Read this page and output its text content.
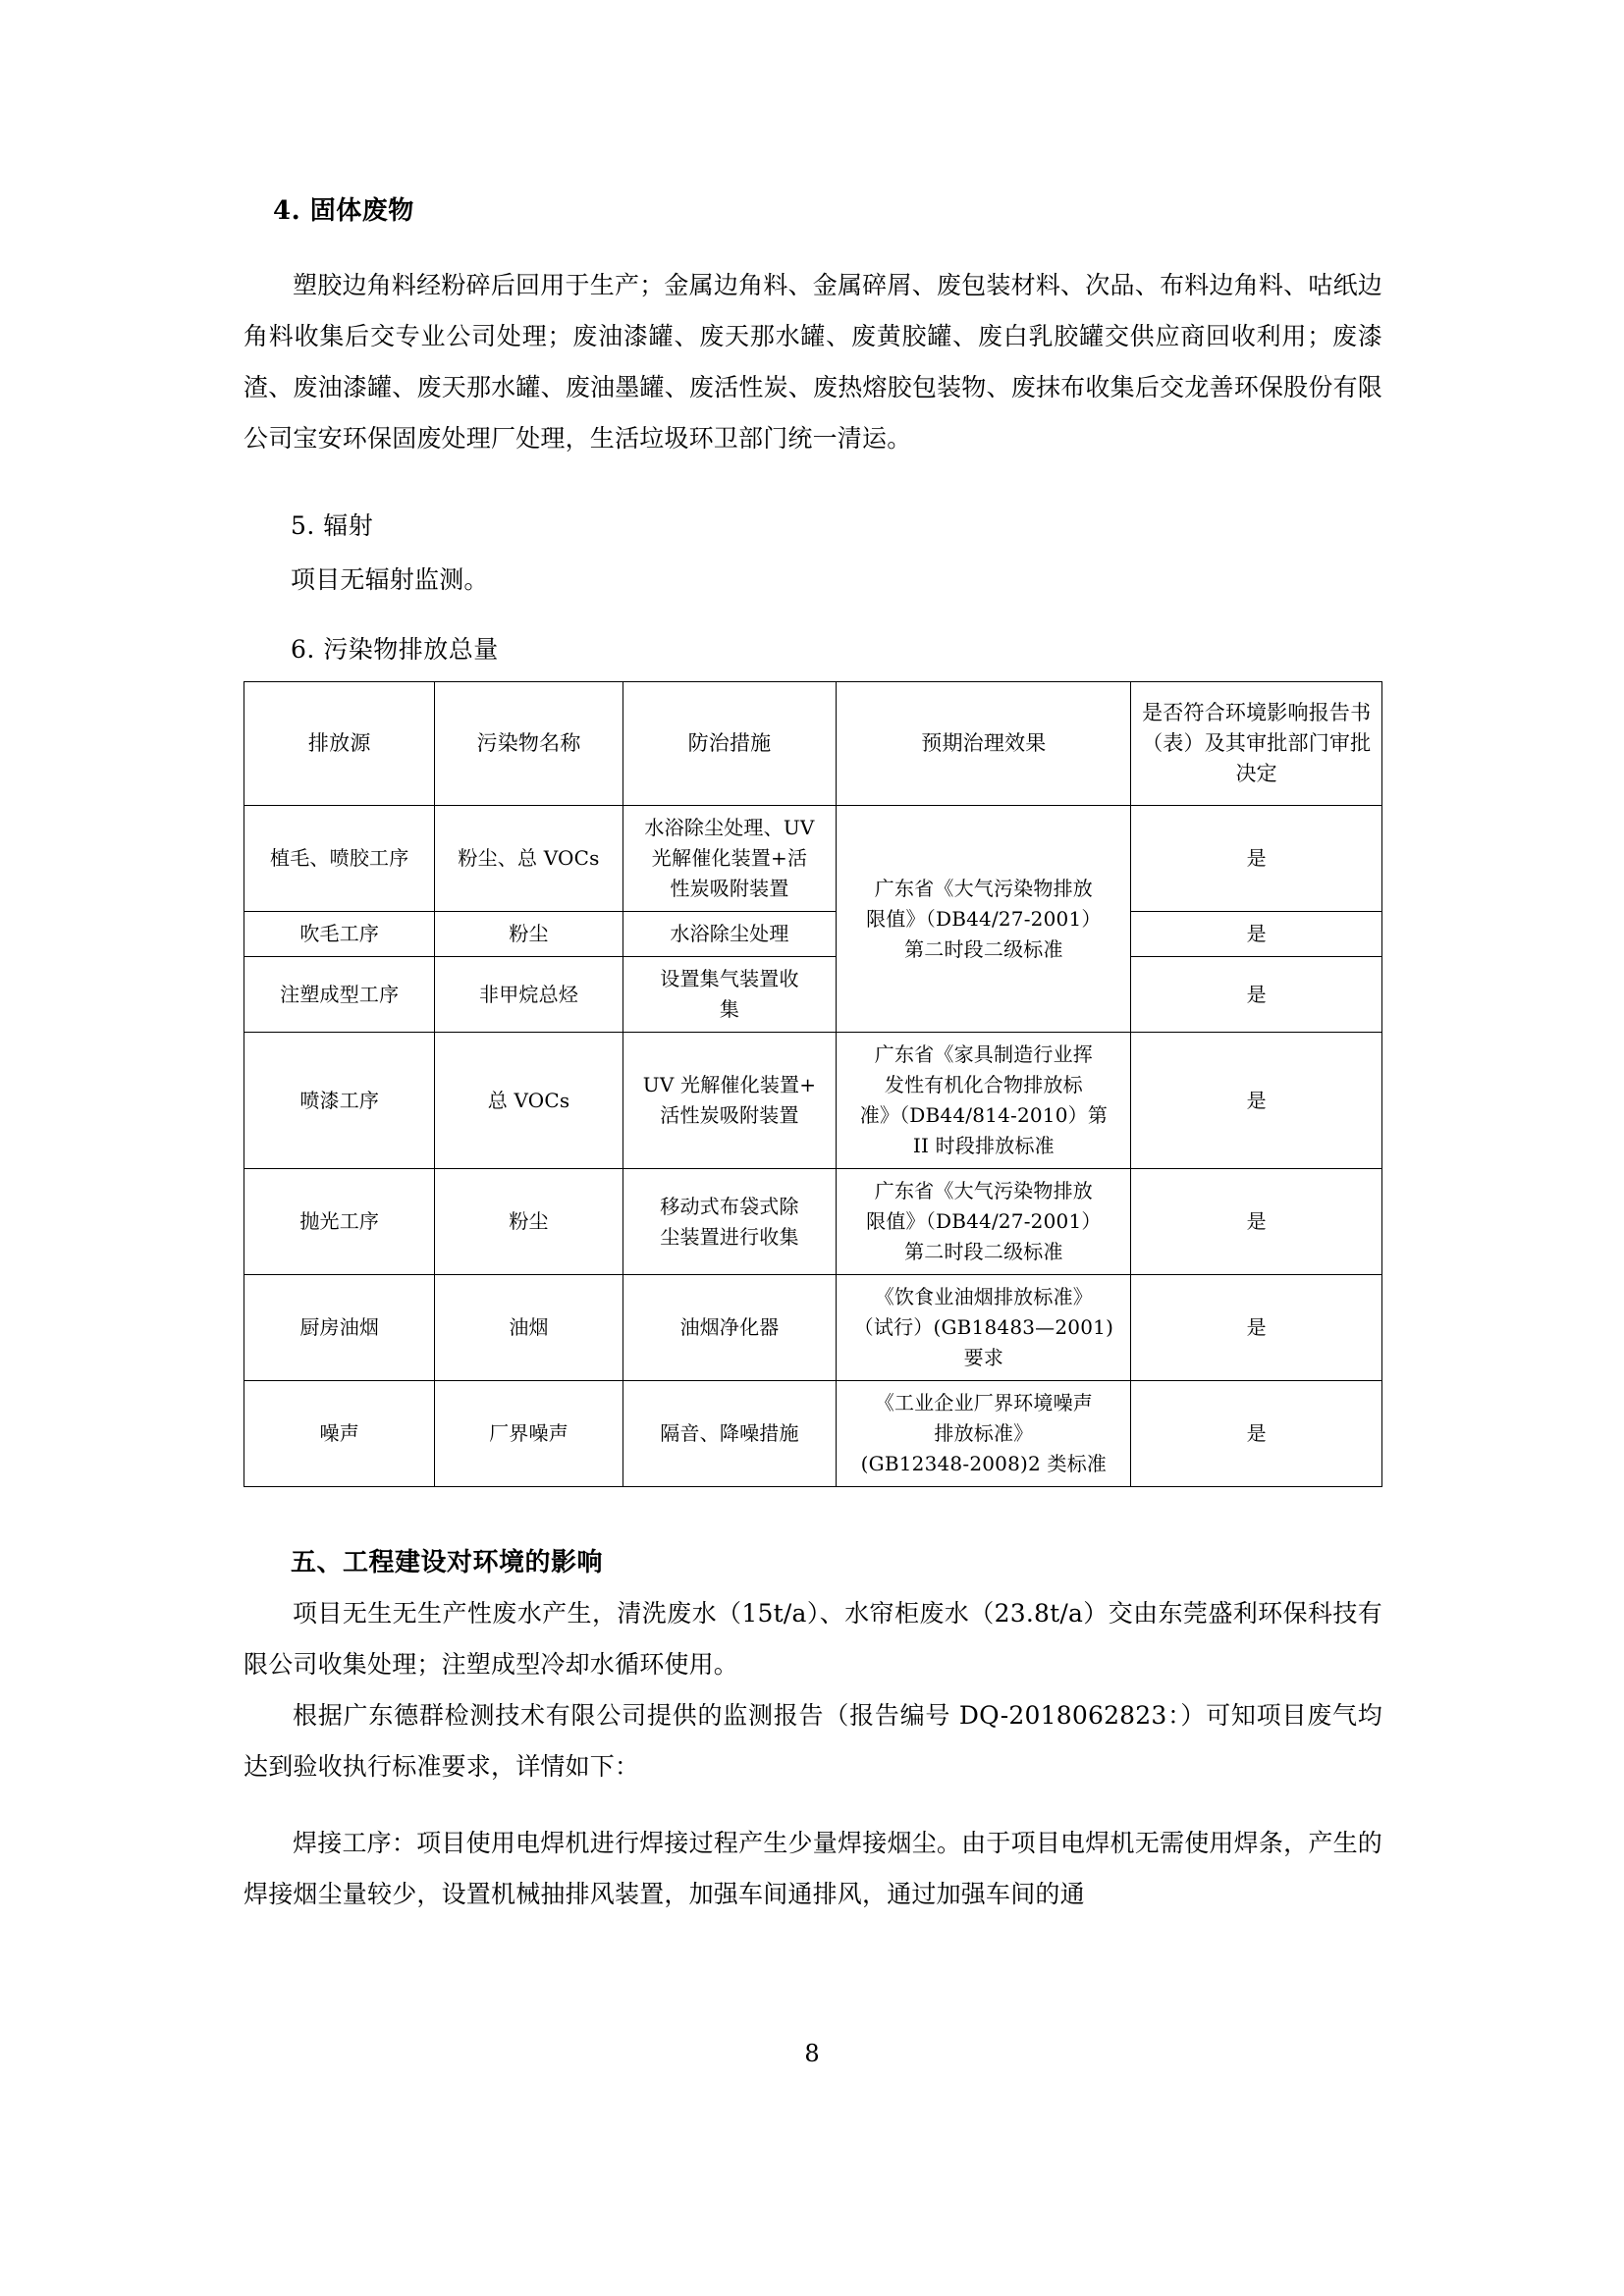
4. 固体废物

塑胶边角料经粉碎后回用于生产；金属边角料、金属碎屑、废包装材料、次品、布料边角料、咕纸边角料收集后交专业公司处理；废油漆罐、废天那水罐、废黄胶罐、废白乳胶罐交供应商回收利用；废漆渣、废油漆罐、废天那水罐、废油墨罐、废活性炭、废热熔胶包装物、废抹布收集后交龙善环保股份有限公司宝安环保固废处理厂处理，生活垃圾环卫部门统一清运。

5. 辐射
项目无辐射监测。
6. 污染物排放总量
排放源	污染物名称	防治措施	预期治理效果	是否符合环境影响报告书（表）及其审批部门审批决定
植毛、喷胶工序	粉尘、总 VOCs	水浴除尘处理、UV
光解催化装置+活
性炭吸附装置	广东省《大气污染物排放
限值》（DB44/27-2001）
第二时段二级标准	是
吹毛工序	粉尘	水浴除尘处理		是
注塑成型工序	非甲烷总烃	设置集气装置收
集		是
喷漆工序	总 VOCs	UV 光解催化装置+
活性炭吸附装置	广东省《家具制造行业挥
发性有机化合物排放标
准》（DB44/814-2010）第
II 时段排放标准	是
抛光工序	粉尘	移动式布袋式除
尘装置进行收集	广东省《大气污染物排放
限值》（DB44/27-2001）
第二时段二级标准	是
厨房油烟	油烟	油烟净化器	《饮食业油烟排放标准》
（试行）(GB18483—2001)
要求	是
噪声	厂界噪声	隔音、降噪措施	《工业企业厂界环境噪声
排放标准》
(GB12348-2008)2 类标准	是
五、工程建设对环境的影响

项目无生无生产性废水产生，清洗废水（15t/a）、水帘柜废水（23.8t/a）交由东莞盛利环保科技有限公司收集处理；注塑成型冷却水循环使用。

根据广东德群检测技术有限公司提供的监测报告（报告编号 DQ-2018062823：）可知项目废气均达到验收执行标准要求，详情如下：

焊接工序：项目使用电焊机进行焊接过程产生少量焊接烟尘。由于项目电焊机无需使用焊条，产生的焊接烟尘量较少，设置机械抽排风装置，加强车间通排风，通过加强车间的通

8
